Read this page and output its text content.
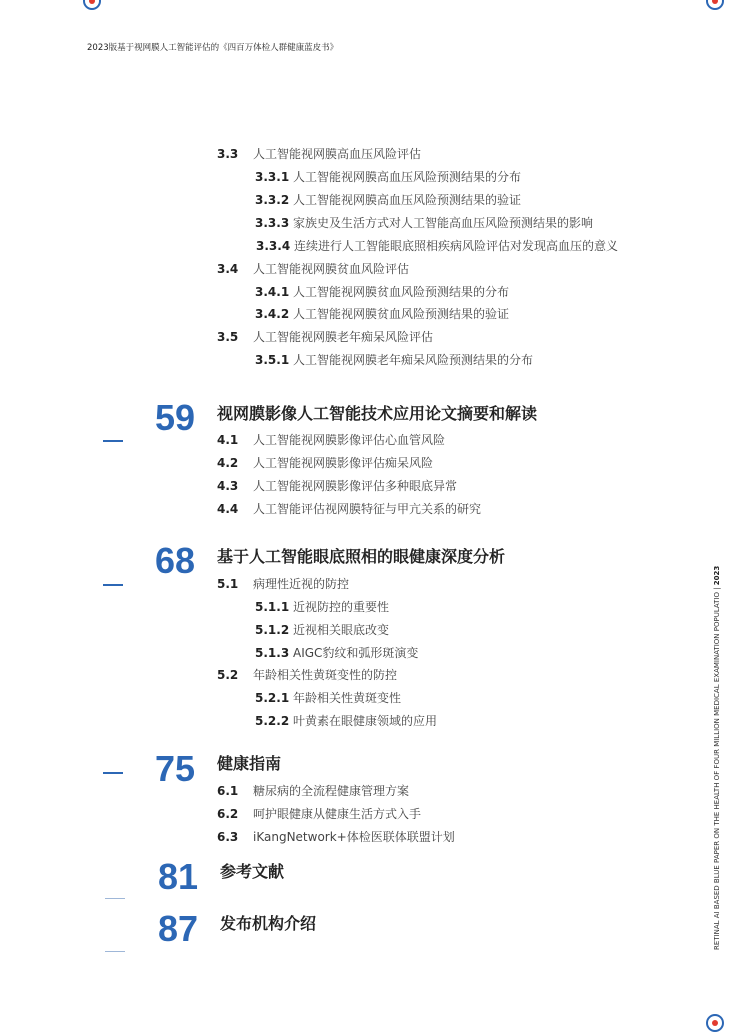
2023版基于视网膜人工智能评估的《四百万体检人群健康蓝皮书》
3.3 人工智能视网膜高血压风险评估
3.3.1 人工智能视网膜高血压风险预测结果的分布
3.3.2 人工智能视网膜高血压风险预测结果的验证
3.3.3 家族史及生活方式对人工智能高血压风险预测结果的影响
3.3.4 连续进行人工智能眼底照相疾病风险评估对发现高血压的意义
3.4 人工智能视网膜贫血风险评估
3.4.1 人工智能视网膜贫血风险预测结果的分布
3.4.2 人工智能视网膜贫血风险预测结果的验证
3.5 人工智能视网膜老年痴呆风险评估
3.5.1 人工智能视网膜老年痴呆风险预测结果的分布
59 视网膜影像人工智能技术应用论文摘要和解读
4.1 人工智能视网膜影像评估心血管风险
4.2 人工智能视网膜影像评估痴呆风险
4.3 人工智能视网膜影像评估多种眼底异常
4.4 人工智能评估视网膜特征与甲亢关系的研究
68 基于人工智能眼底照相的眼健康深度分析
5.1 病理性近视的防控
5.1.1 近视防控的重要性
5.1.2 近视相关眼底改变
5.1.3 AIGC豹纹和弧形斑演变
5.2 年龄相关性黄斑变性的防控
5.2.1 年龄相关性黄斑变性
5.2.2 叶黄素在眼健康领域的应用
75 健康指南
6.1 糖尿病的全流程健康管理方案
6.2 呵护眼健康从健康生活方式入手
6.3 iKangNetwork+体检医联体联盟计划
81 参考文献
87 发布机构介绍	RETINAL AI BASED BLUE PAPER ON THE HEALTH OF FOUR MILLION MEDICAL EXAMINATION POPULATIO | 2023
